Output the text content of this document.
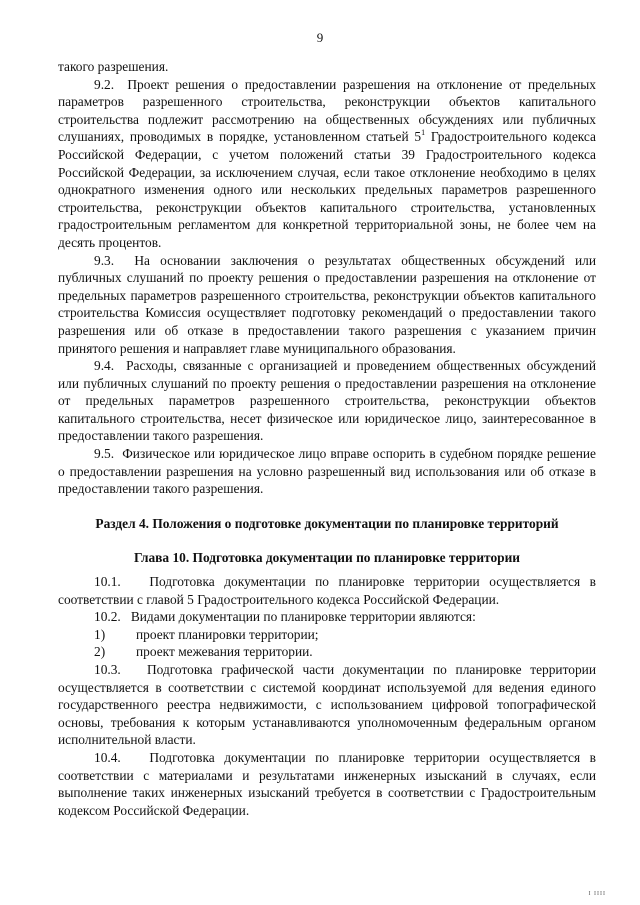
9

такого разрешения.

9.2.  Проект решения о предоставлении разрешения на отклонение от предельных параметров разрешенного строительства, реконструкции объектов капитального строительства подлежит рассмотрению на общественных обсуждениях или публичных слушаниях, проводимых в порядке, установленном статьей $5^1$ Градостроительного кодекса Российской Федерации, с учетом положений статьи 39 Градостроительного кодекса Российской Федерации, за исключением случая, если такое отклонение необходимо в целях однократного изменения одного или нескольких предельных параметров разрешенного строительства, реконструкции объектов капитального строительства, установленных градостроительным регламентом для конкретной территориальной зоны, не более чем на десять процентов.

9.3.  На основании заключения о результатах общественных обсуждений или публичных слушаний по проекту решения о предоставлении разрешения на отклонение от предельных параметров разрешенного строительства, реконструкции объектов капитального строительства Комиссия осуществляет подготовку рекомендаций о предоставлении такого разрешения или об отказе в предоставлении такого разрешения с указанием причин принятого решения и направляет главе муниципального образования.

9.4.  Расходы, связанные с организацией и проведением общественных обсуждений или публичных слушаний по проекту решения о предоставлении разрешения на отклонение от предельных параметров разрешенного строительства, реконструкции объектов капитального строительства, несет физическое или юридическое лицо, заинтересованное в предоставлении такого разрешения.

9.5.  Физическое или юридическое лицо вправе оспорить в судебном порядке решение о предоставлении разрешения на условно разрешенный вид использования или об отказе в предоставлении такого разрешения.

Раздел 4. Положения о подготовке документации по планировке территорий

Глава 10. Подготовка документации по планировке территории

10.1.   Подготовка документации по планировке территории осуществляется в соответствии с главой 5 Градостроительного кодекса Российской Федерации.

10.2.   Видами документации по планировке территории являются:

1)	проект планировки территории;
2)	проект межевания территории.

10.3.   Подготовка графической части документации по планировке территории осуществляется в соответствии с системой координат используемой для ведения единого государственного реестра недвижимости, с использованием цифровой топографической основы, требования к которым устанавливаются уполномоченным федеральным органом исполнительной власти.

10.4.   Подготовка документации по планировке территории осуществляется в соответствии с материалами и результатами инженерных изысканий в случаях, если выполнение таких инженерных изысканий требуется в соответствии с Градостроительным кодексом Российской Федерации.

I IIII
